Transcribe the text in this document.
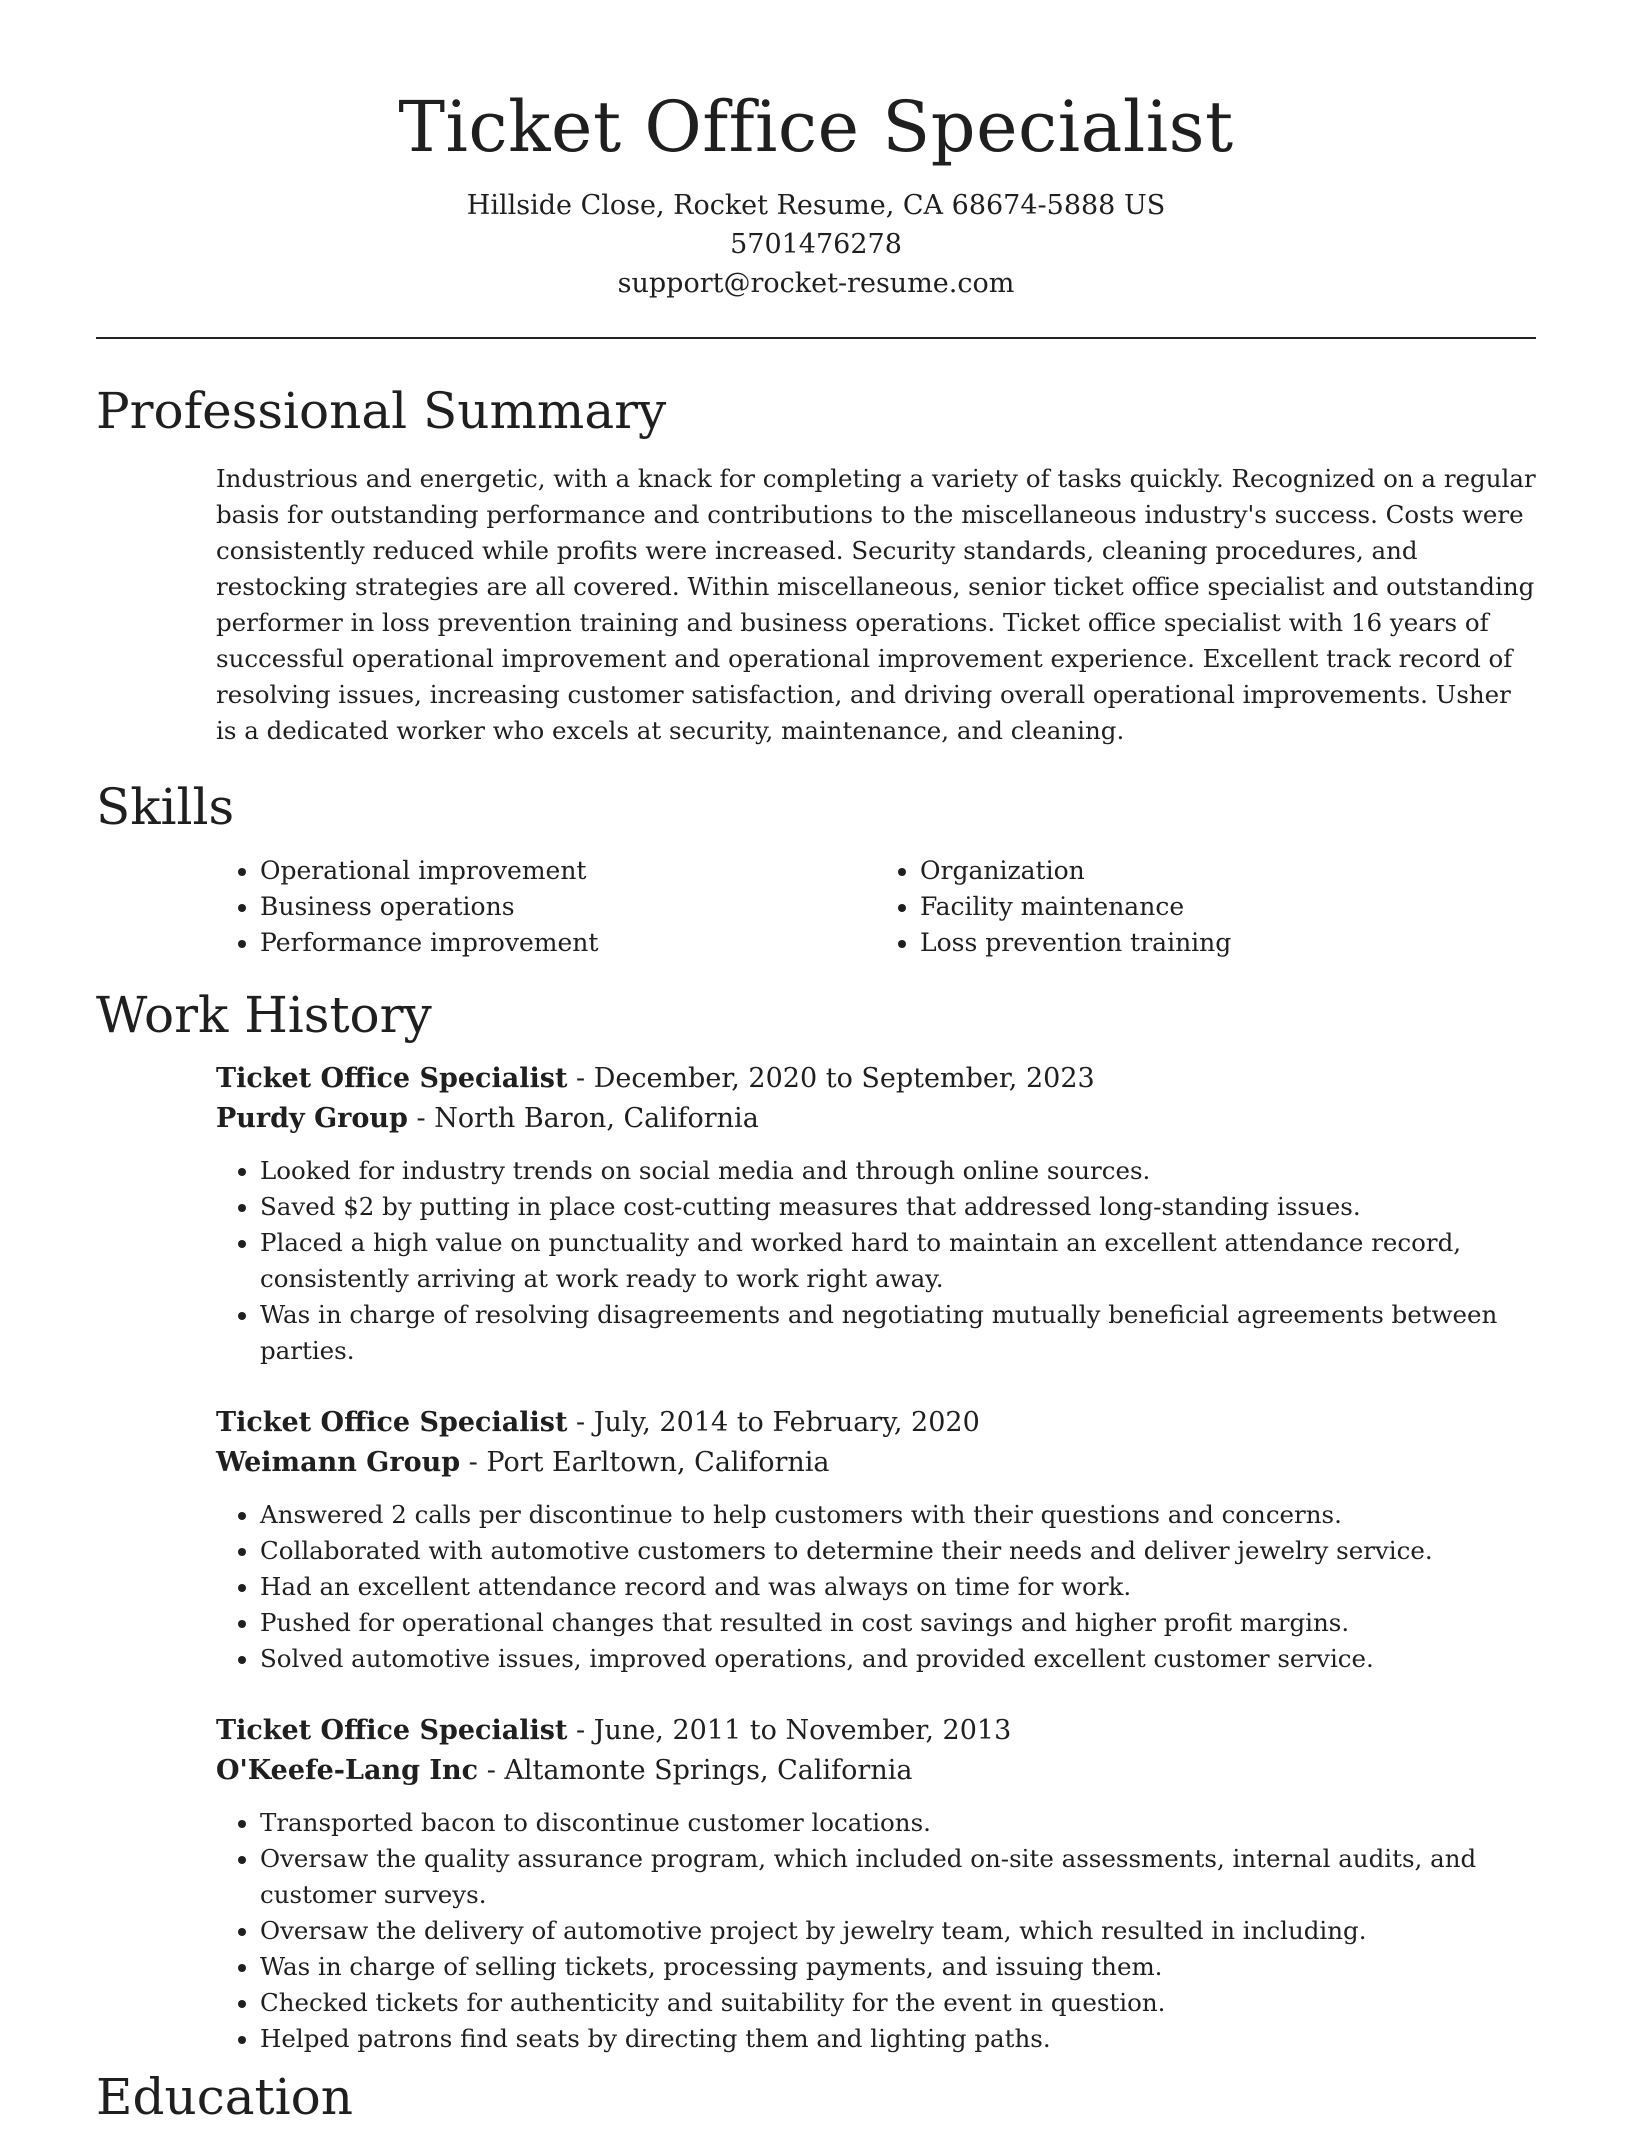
Ticket Office Specialist
Hillside Close, Rocket Resume, CA 68674-5888 US
5701476278
support@rocket-resume.com
Professional Summary

Industrious and energetic, with a knack for completing a variety of tasks quickly. Recognized on a regular basis for outstanding performance and contributions to the miscellaneous industry's success. Costs were consistently reduced while profits were increased. Security standards, cleaning procedures, and restocking strategies are all covered. Within miscellaneous, senior ticket office specialist and outstanding performer in loss prevention training and business operations. Ticket office specialist with 16 years of successful operational improvement and operational improvement experience. Excellent track record of resolving issues, increasing customer satisfaction, and driving overall operational improvements. Usher is a dedicated worker who excels at security, maintenance, and cleaning.

Skills
• Operational improvement
• Business operations
• Performance improvement
• Organization
• Facility maintenance
• Loss prevention training
Work History
Ticket Office Specialist - December, 2020 to September, 2023
Purdy Group - North Baron, California
• Looked for industry trends on social media and through online sources.
• Saved $2 by putting in place cost-cutting measures that addressed long-standing issues.
• Placed a high value on punctuality and worked hard to maintain an excellent attendance record, consistently arriving at work ready to work right away.
• Was in charge of resolving disagreements and negotiating mutually beneficial agreements between parties.
Ticket Office Specialist - July, 2014 to February, 2020
Weimann Group - Port Earltown, California
• Answered 2 calls per discontinue to help customers with their questions and concerns.
• Collaborated with automotive customers to determine their needs and deliver jewelry service.
• Had an excellent attendance record and was always on time for work.
• Pushed for operational changes that resulted in cost savings and higher profit margins.
• Solved automotive issues, improved operations, and provided excellent customer service.
Ticket Office Specialist - June, 2011 to November, 2013
O'Keefe-Lang Inc - Altamonte Springs, California
• Transported bacon to discontinue customer locations.
• Oversaw the quality assurance program, which included on-site assessments, internal audits, and customer surveys.
• Oversaw the delivery of automotive project by jewelry team, which resulted in including.
• Was in charge of selling tickets, processing payments, and issuing them.
• Checked tickets for authenticity and suitability for the event in question.
• Helped patrons find seats by directing them and lighting paths.
Education
